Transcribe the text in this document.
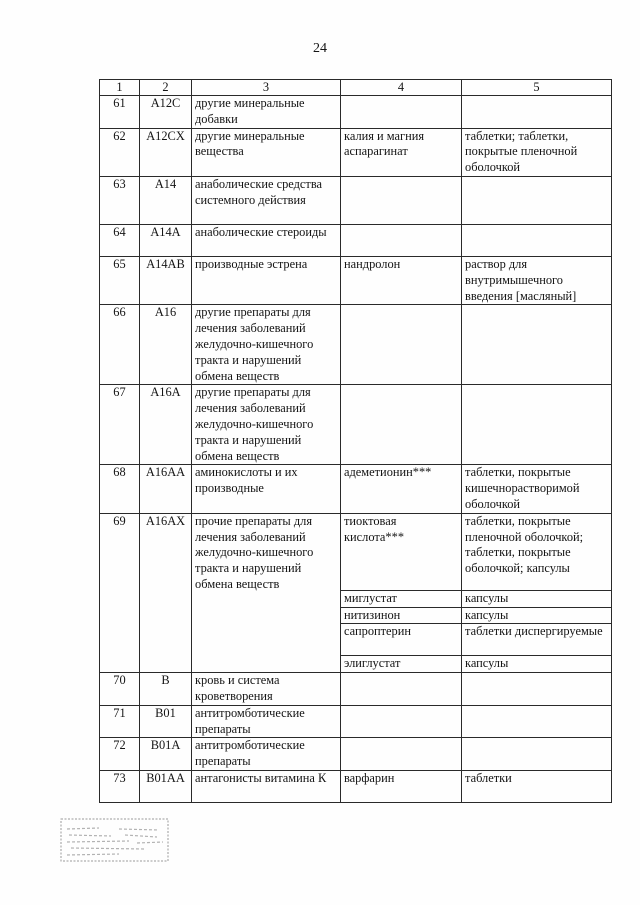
24
1	2	3	4	5
61	A12C	другие минеральные добавки		
62	A12CX	другие минеральные вещества	калия и магния аспарагинат	таблетки; таблетки, покрытые пленочной оболочкой
63	A14	анаболические средства системного действия		
64	A14A	анаболические стероиды		
65	A14AB	производные эстрена	нандролон	раствор для внутримышечного введения [масляный]
66	A16	другие препараты для лечения заболеваний желудочно-кишечного тракта и нарушений обмена веществ		
67	A16A	другие препараты для лечения заболеваний желудочно-кишечного тракта и нарушений обмена веществ		
68	A16AA	аминокислоты и их производные	адеметионин***	таблетки, покрытые кишечнорастворимой оболочкой
69	A16AX	прочие препараты для лечения заболеваний желудочно-кишечного тракта и нарушений обмена веществ	тиоктовая кислота***	таблетки, покрытые пленочной оболочкой; таблетки, покрытые оболочкой; капсулы
			миглустат	капсулы
			нитизинон	капсулы
			сапроптерин	таблетки диспергируемые
			элиглустат	капсулы
70	B	кровь и система кроветворения		
71	B01	антитромботические препараты		
72	B01A	антитромботические препараты		
73	B01AA	антагонисты витамина К	варфарин	таблетки
